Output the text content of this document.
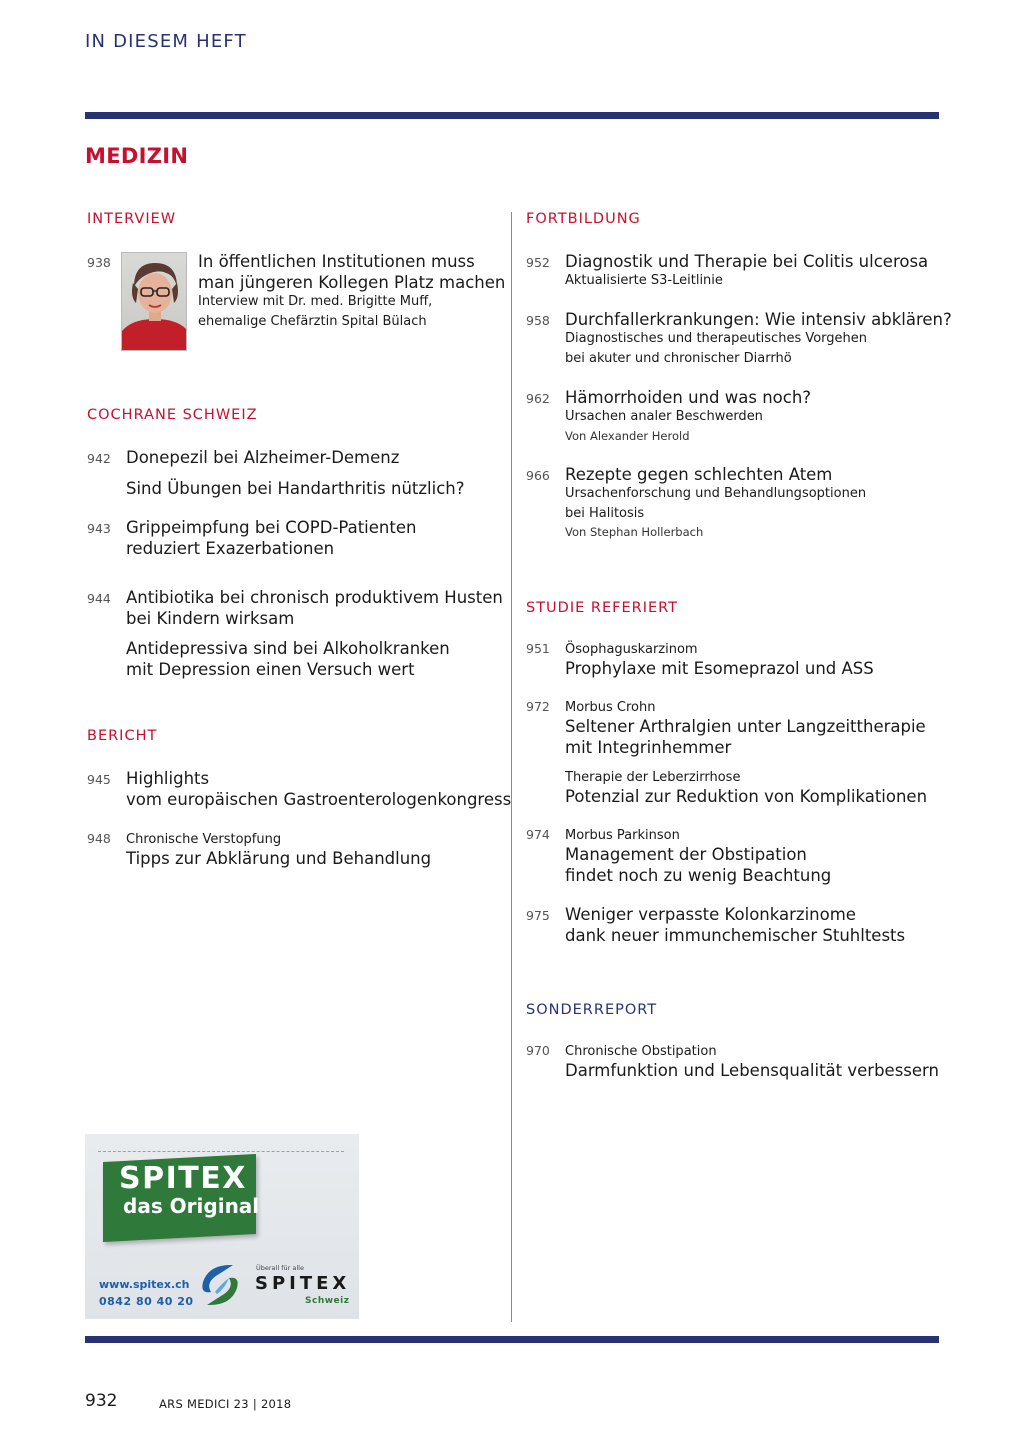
IN DIESEM HEFT
MEDIZIN
INTERVIEW
938	In öffentlichen Institutionen muss
man jüngeren Kollegen Platz machen
Interview mit Dr. med. Brigitte Muff,
ehemalige Chefärztin Spital Bülach
COCHRANE SCHWEIZ
942 Donepezil bei Alzheimer-Demenz
Sind Übungen bei Handarthritis nützlich?
943 Grippeimpfung bei COPD-Patienten
reduziert Exazerbationen
944 Antibiotika bei chronisch produktivem Husten
bei Kindern wirksam
Antidepressiva sind bei Alkoholkranken
mit Depression einen Versuch wert
BERICHT
945 Highlights
vom europäischen Gastroenterologenkongress
948 Chronische Verstopfung
Tipps zur Abklärung und Behandlung
FORTBILDUNG
952 Diagnostik und Therapie bei Colitis ulcerosa
Aktualisierte S3-Leitlinie
958 Durchfallerkrankungen: Wie intensiv abklären?
Diagnostisches und therapeutisches Vorgehen
bei akuter und chronischer Diarrhö
962 Hämorrhoiden und was noch?
Ursachen analer Beschwerden
Von Alexander Herold
966 Rezepte gegen schlechten Atem
Ursachenforschung und Behandlungsoptionen
bei Halitosis
Von Stephan Hollerbach
STUDIE REFERIERT
951 Ösophaguskarzinom
Prophylaxe mit Esomeprazol und ASS
972 Morbus Crohn
Seltener Arthralgien unter Langzeittherapie
mit Integrinhemmer
Therapie der Leberzirrhose
Potenzial zur Reduktion von Komplikationen
974 Morbus Parkinson
Management der Obstipation
findet noch zu wenig Beachtung
975 Weniger verpasste Kolonkarzinome
dank neuer immunchemischer Stuhltests
SONDERREPORT
970 Chronische Obstipation
Darmfunktion und Lebensqualität verbessern
SPITEX
das Original
www.spitex.ch
0842 80 40 20
Überall für alle
SPITEX
Schweiz
932	ARS MEDICI 23 | 2018
